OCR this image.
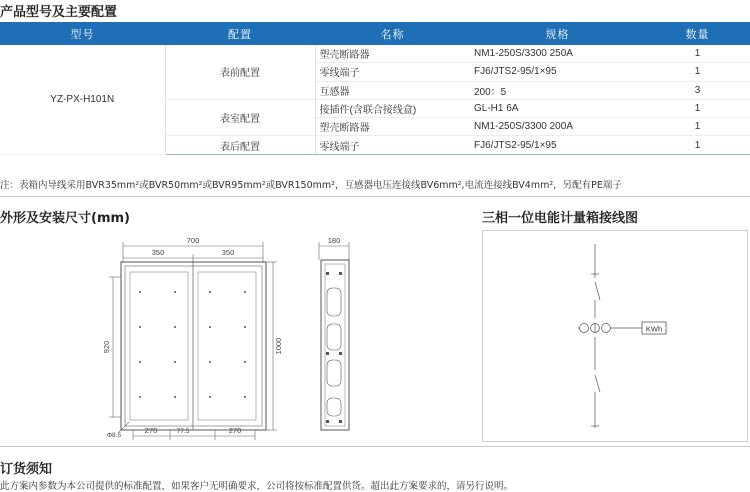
产品型号及主要配置
型号	配置	名称	规格	数量
YZ-PX-H101N	表前配置	塑壳断路器	NM1-250S/3300 250A	1
		零线端子	FJ6/JTS2-95/1×95	1
		互感器	200：5	3
	表室配置	接插件(含联合接线盒)	GL-H1 6A	1
		塑壳断路器	NM1-250S/3300 200A	1
	表后配置	零线端子	FJ6/JTS2-95/1×95	1
注：表箱内导线采用BVR35mm²或BVR50mm²或BVR95mm²或BVR150mm²，互感器电压连接线BV6mm²,电流连接线BV4mm²，另配有PE端子
外形及安装尺寸(mm)	三相一位电能计量箱接线图
700
350	350
920	1000
270	77.5	270
Φ8.5
180
KWh
订货须知
此方案内参数为本公司提供的标准配置，如果客户无明确要求，公司将按标准配置供货。超出此方案要求的，请另行说明。
